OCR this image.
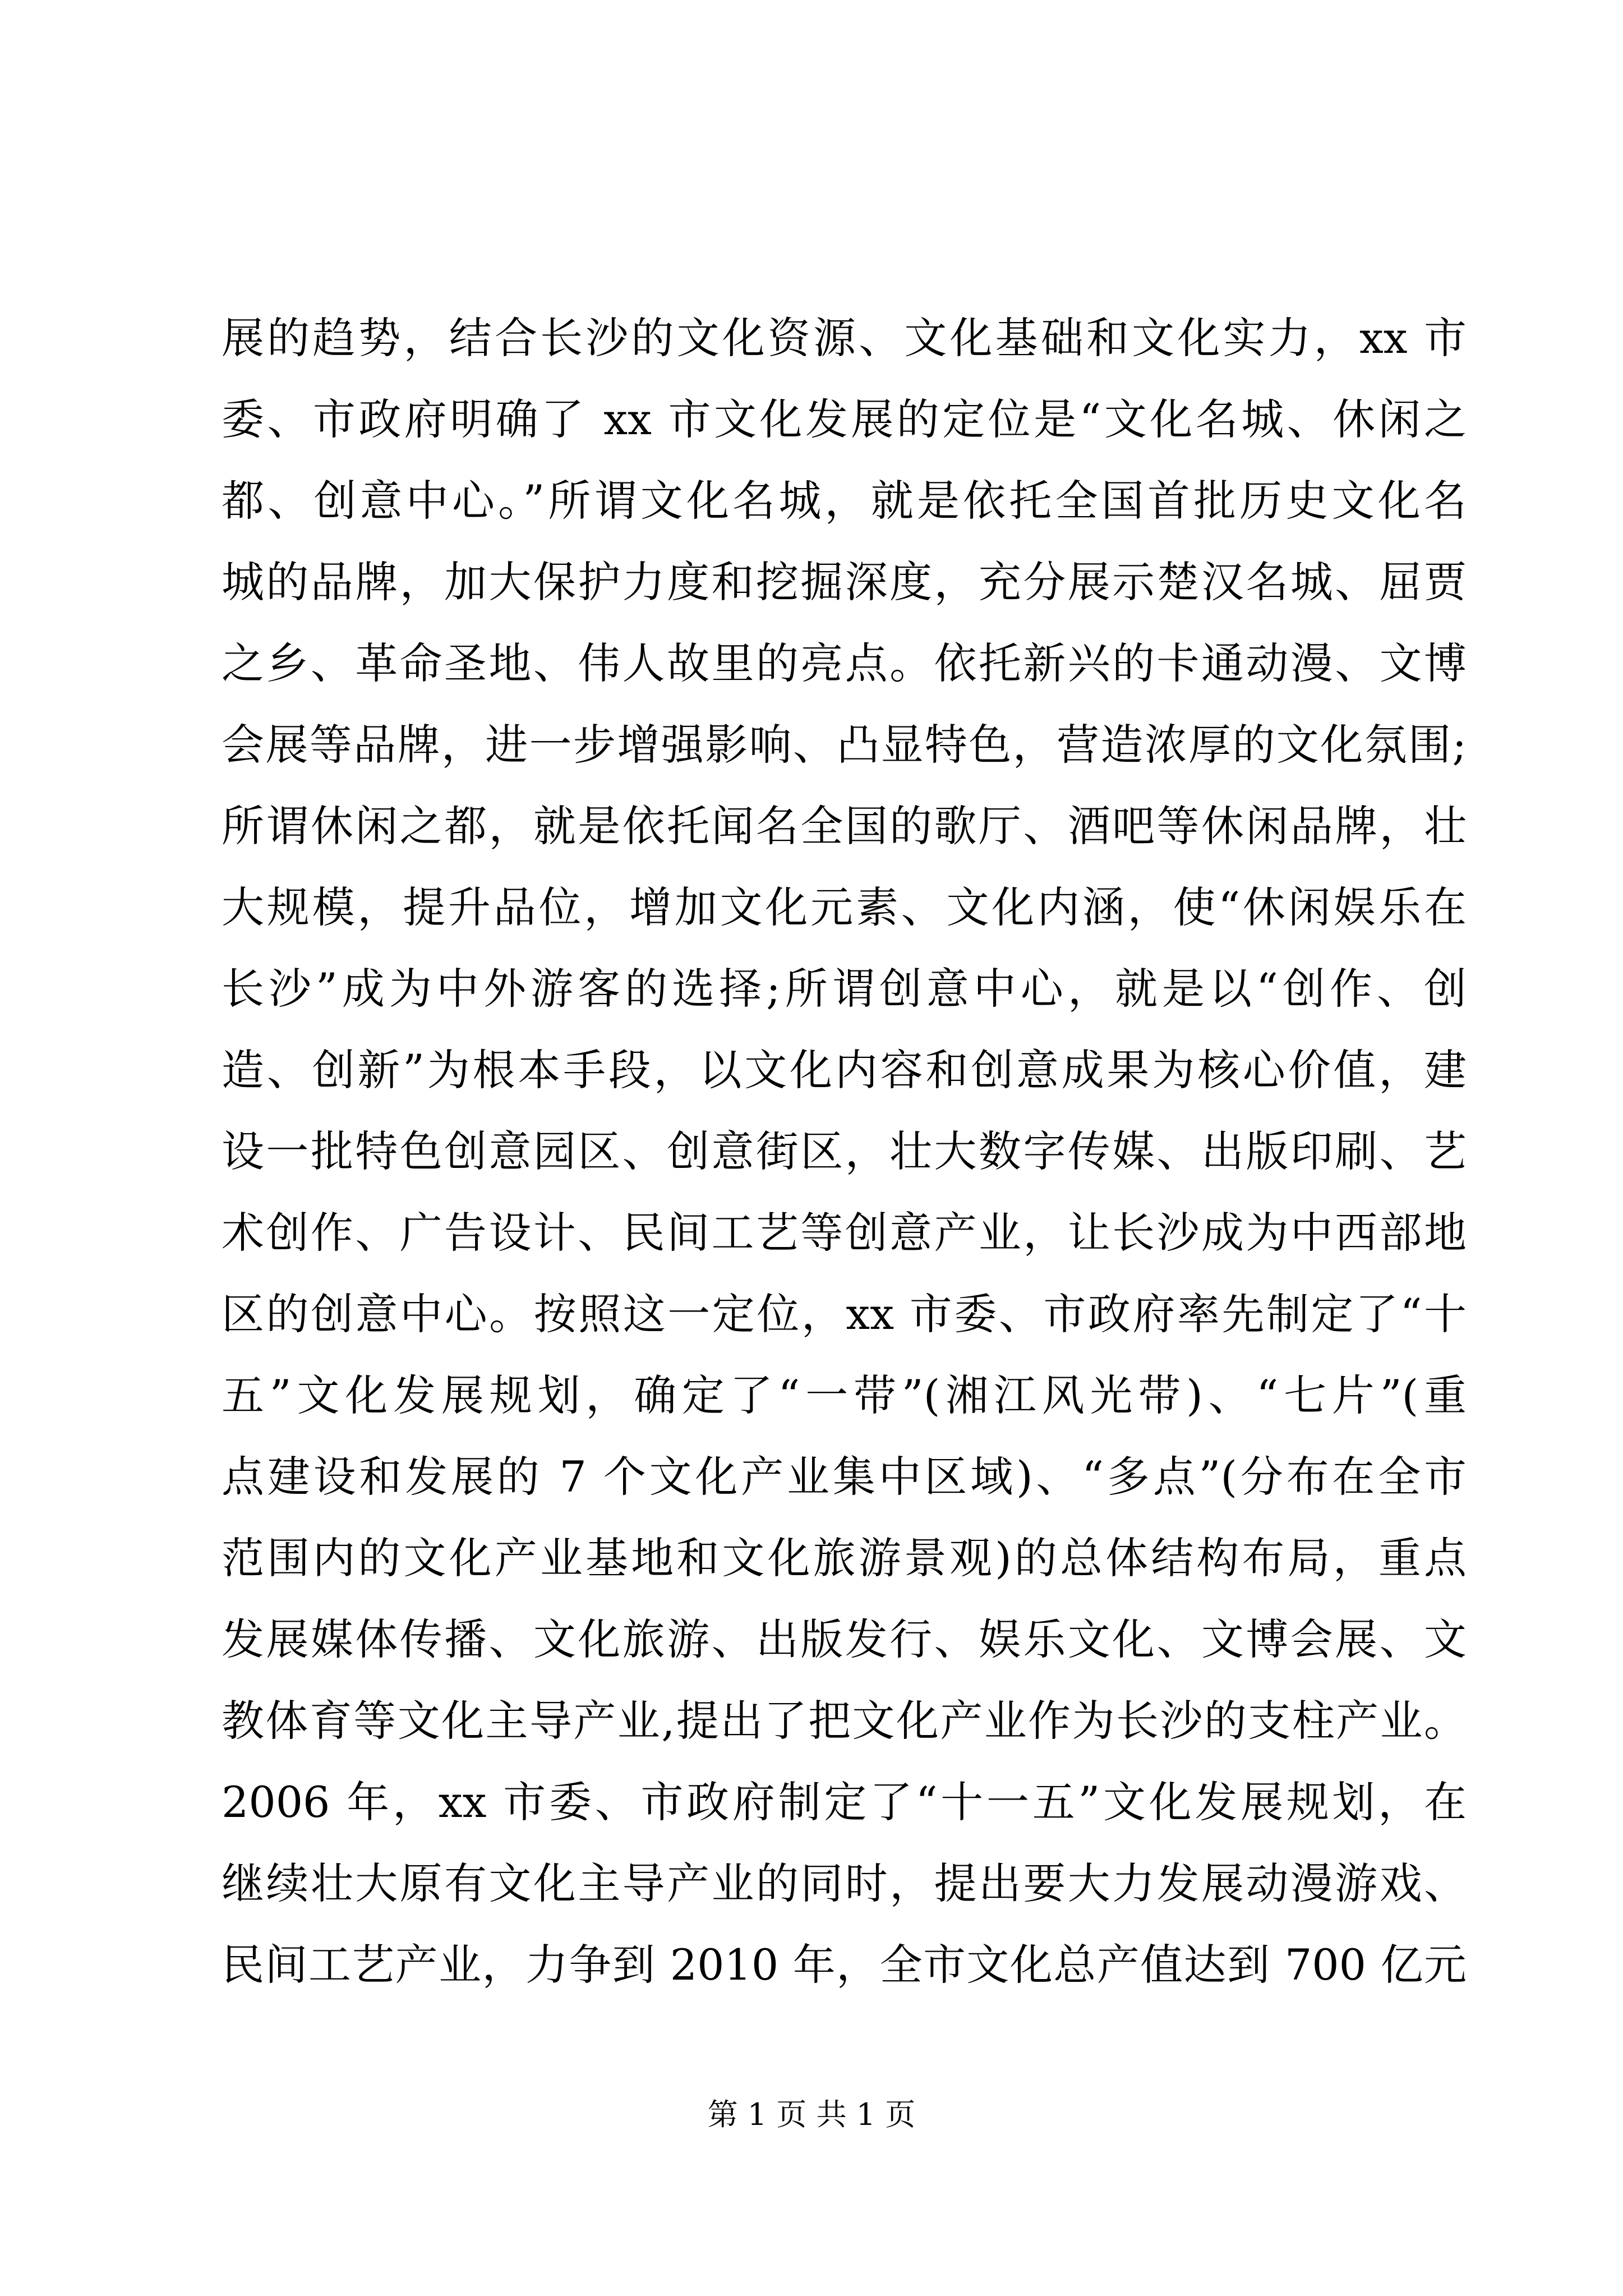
展的趋势，结合长沙的文化资源、文化基础和文化实力，xx 市
委、市政府明确了 xx 市文化发展的定位是“文化名城、休闲之
都、创意中心。”所谓文化名城，就是依托全国首批历史文化名
城的品牌，加大保护力度和挖掘深度，充分展示楚汉名城、屈贾
之乡、革命圣地、伟人故里的亮点。依托新兴的卡通动漫、文博
会展等品牌，进一步增强影响、凸显特色，营造浓厚的文化氛围;
所谓休闲之都，就是依托闻名全国的歌厅、酒吧等休闲品牌，壮
大规模，提升品位，增加文化元素、文化内涵，使“休闲娱乐在
长沙”成为中外游客的选择;所谓创意中心，就是以“创作、创
造、创新”为根本手段，以文化内容和创意成果为核心价值，建
设一批特色创意园区、创意街区，壮大数字传媒、出版印刷、艺
术创作、广告设计、民间工艺等创意产业，让长沙成为中西部地
区的创意中心。按照这一定位，xx 市委、市政府率先制定了“十
五”文化发展规划，确定了“一带”(湘江风光带)、“七片”(重
点建设和发展的 7 个文化产业集中区域)、“多点”(分布在全市
范围内的文化产业基地和文化旅游景观)的总体结构布局，重点
发展媒体传播、文化旅游、出版发行、娱乐文化、文博会展、文
教体育等文化主导产业,提出了把文化产业作为长沙的支柱产业。
2006 年，xx 市委、市政府制定了“十一五”文化发展规划，在
继续壮大原有文化主导产业的同时，提出要大力发展动漫游戏、
民间工艺产业，力争到 2010 年，全市文化总产值达到 700 亿元
第 1 页 共 1 页
